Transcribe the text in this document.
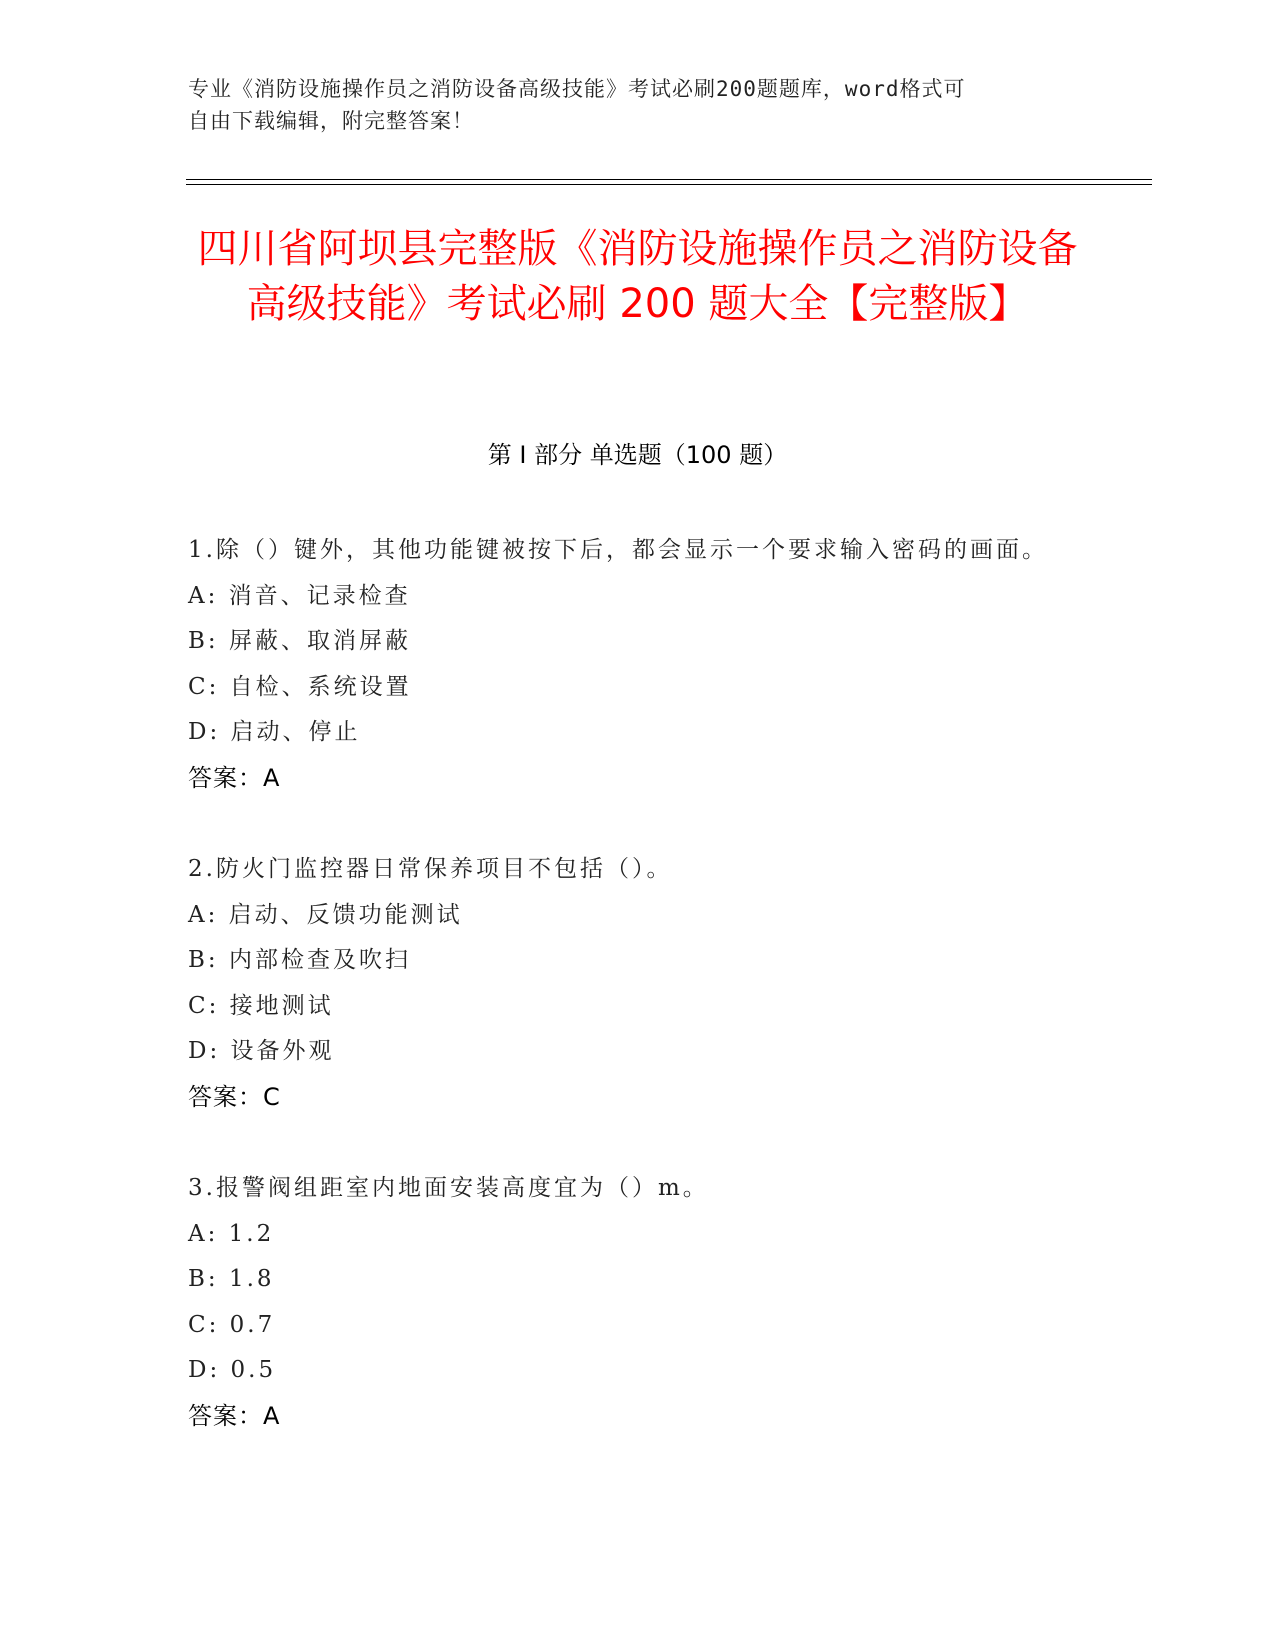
专业《消防设施操作员之消防设备高级技能》考试必刷200题题库，word格式可
自由下载编辑，附完整答案！
四川省阿坝县完整版《消防设施操作员之消防设备高级技能》考试必刷 200 题大全【完整版】
第 I 部分 单选题（100 题）
1.除（）键外，其他功能键被按下后，都会显示一个要求输入密码的画面。
A: 消音、记录检查
B: 屏蔽、取消屏蔽
C: 自检、系统设置
D: 启动、停止
答案：A
2.防火门监控器日常保养项目不包括（）。
A: 启动、反馈功能测试
B: 内部检查及吹扫
C: 接地测试
D: 设备外观
答案：C
3.报警阀组距室内地面安装高度宜为（）m。
A: 1.2
B: 1.8
C: 0.7
D: 0.5
答案：A
